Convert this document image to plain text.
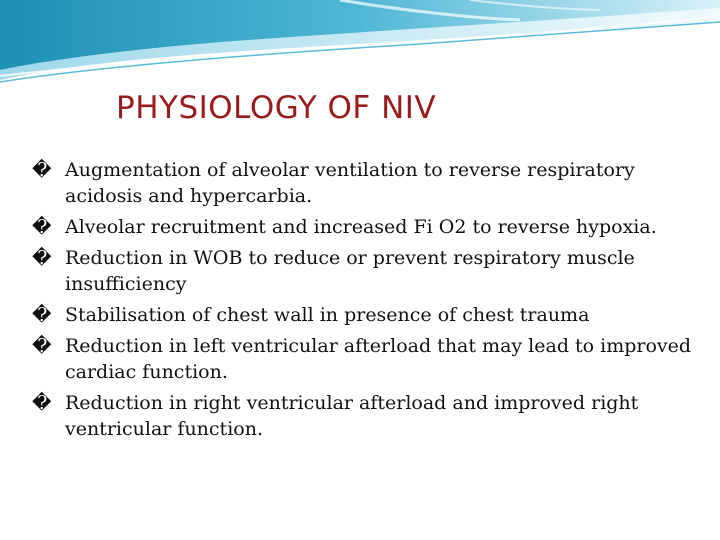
PHYSIOLOGY OF NIV
� Augmentation of alveolar ventilation to reverse respiratory acidosis and hypercarbia.
� Alveolar recruitment and increased Fi O2 to reverse hypoxia.
� Reduction in WOB to reduce or prevent respiratory muscle insufficiency
� Stabilisation of chest wall in presence of chest trauma
� Reduction in left ventricular afterload that may lead to improved cardiac function.
� Reduction in right ventricular afterload and improved right ventricular function.
